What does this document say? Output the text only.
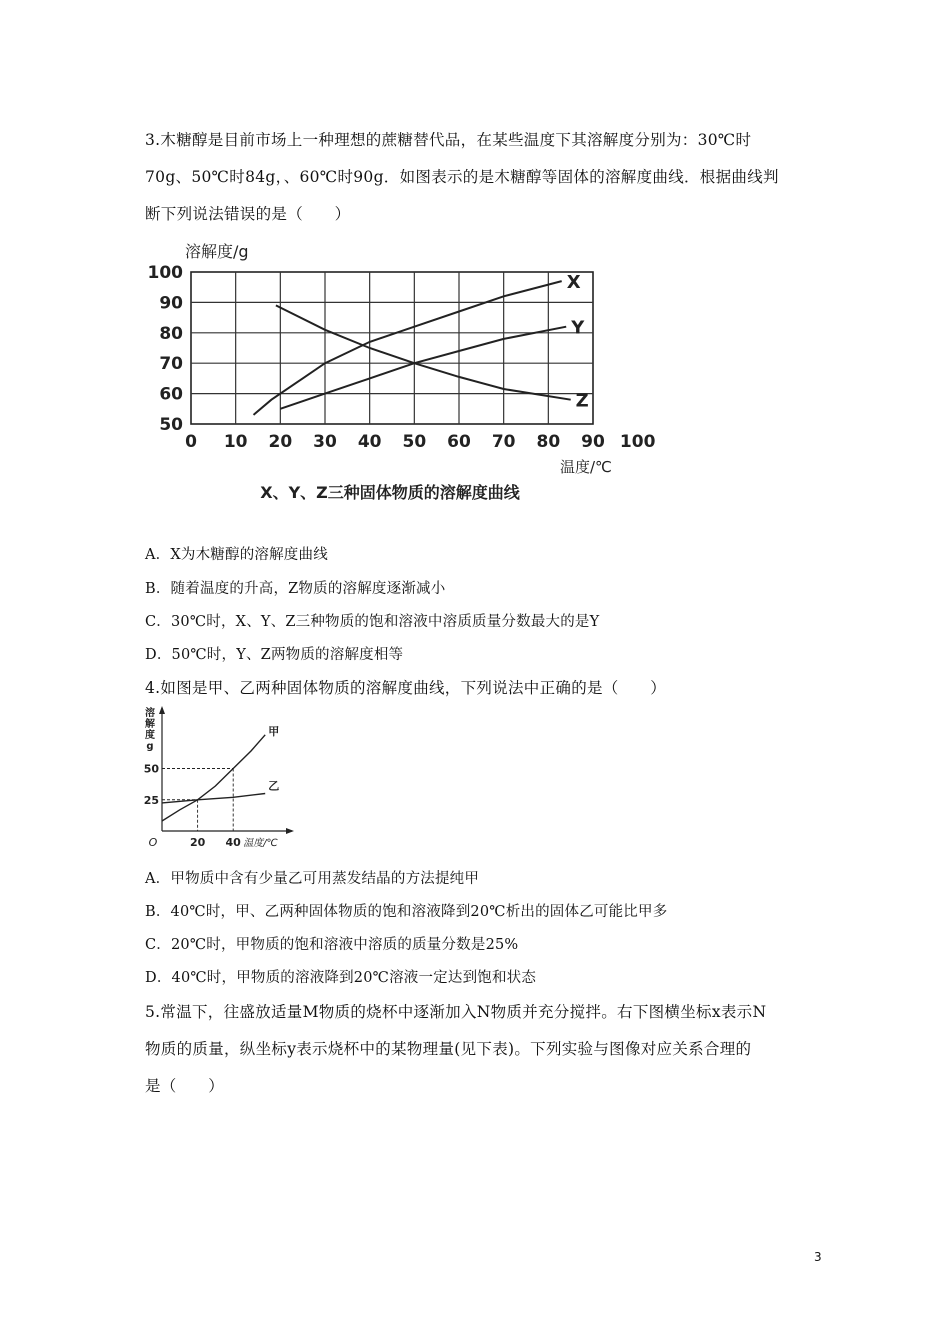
3.木糖醇是目前市场上一种理想的蔗糖替代品，在某些温度下其溶解度分别为：30℃时
70g、50℃时84g，、60℃时90g．如图表示的是木糖醇等固体的溶解度曲线．根据曲线判
断下列说法错误的是（　　）
溶解度/g
50
60
70
80
90
100
0 10 20 30 40 50 60 70 80 90 100
X
Y
Z
温度/℃
X、Y、Z三种固体物质的溶解度曲线
A．X为木糖醇的溶解度曲线
B．随着温度的升高，Z物质的溶解度逐渐减小
C．30℃时，X、Y、Z三种物质的饱和溶液中溶质质量分数最大的是Y
D．50℃时，Y、Z两物质的溶解度相等
4.如图是甲、乙两种固体物质的溶解度曲线，下列说法中正确的是（　　）
溶
解
度
g
O	20 40
25
50
温度/℃
甲
乙
A．甲物质中含有少量乙可用蒸发结晶的方法提纯甲
B．40℃时，甲、乙两种固体物质的饱和溶液降到20℃析出的固体乙可能比甲多
C．20℃时，甲物质的饱和溶液中溶质的质量分数是25%
D．40℃时，甲物质的溶液降到20℃溶液一定达到饱和状态
5.常温下，往盛放适量M物质的烧杯中逐渐加入N物质并充分搅拌。右下图横坐标x表示N
物质的质量，纵坐标y表示烧杯中的某物理量(见下表)。下列实验与图像对应关系合理的
是（　　）
3
